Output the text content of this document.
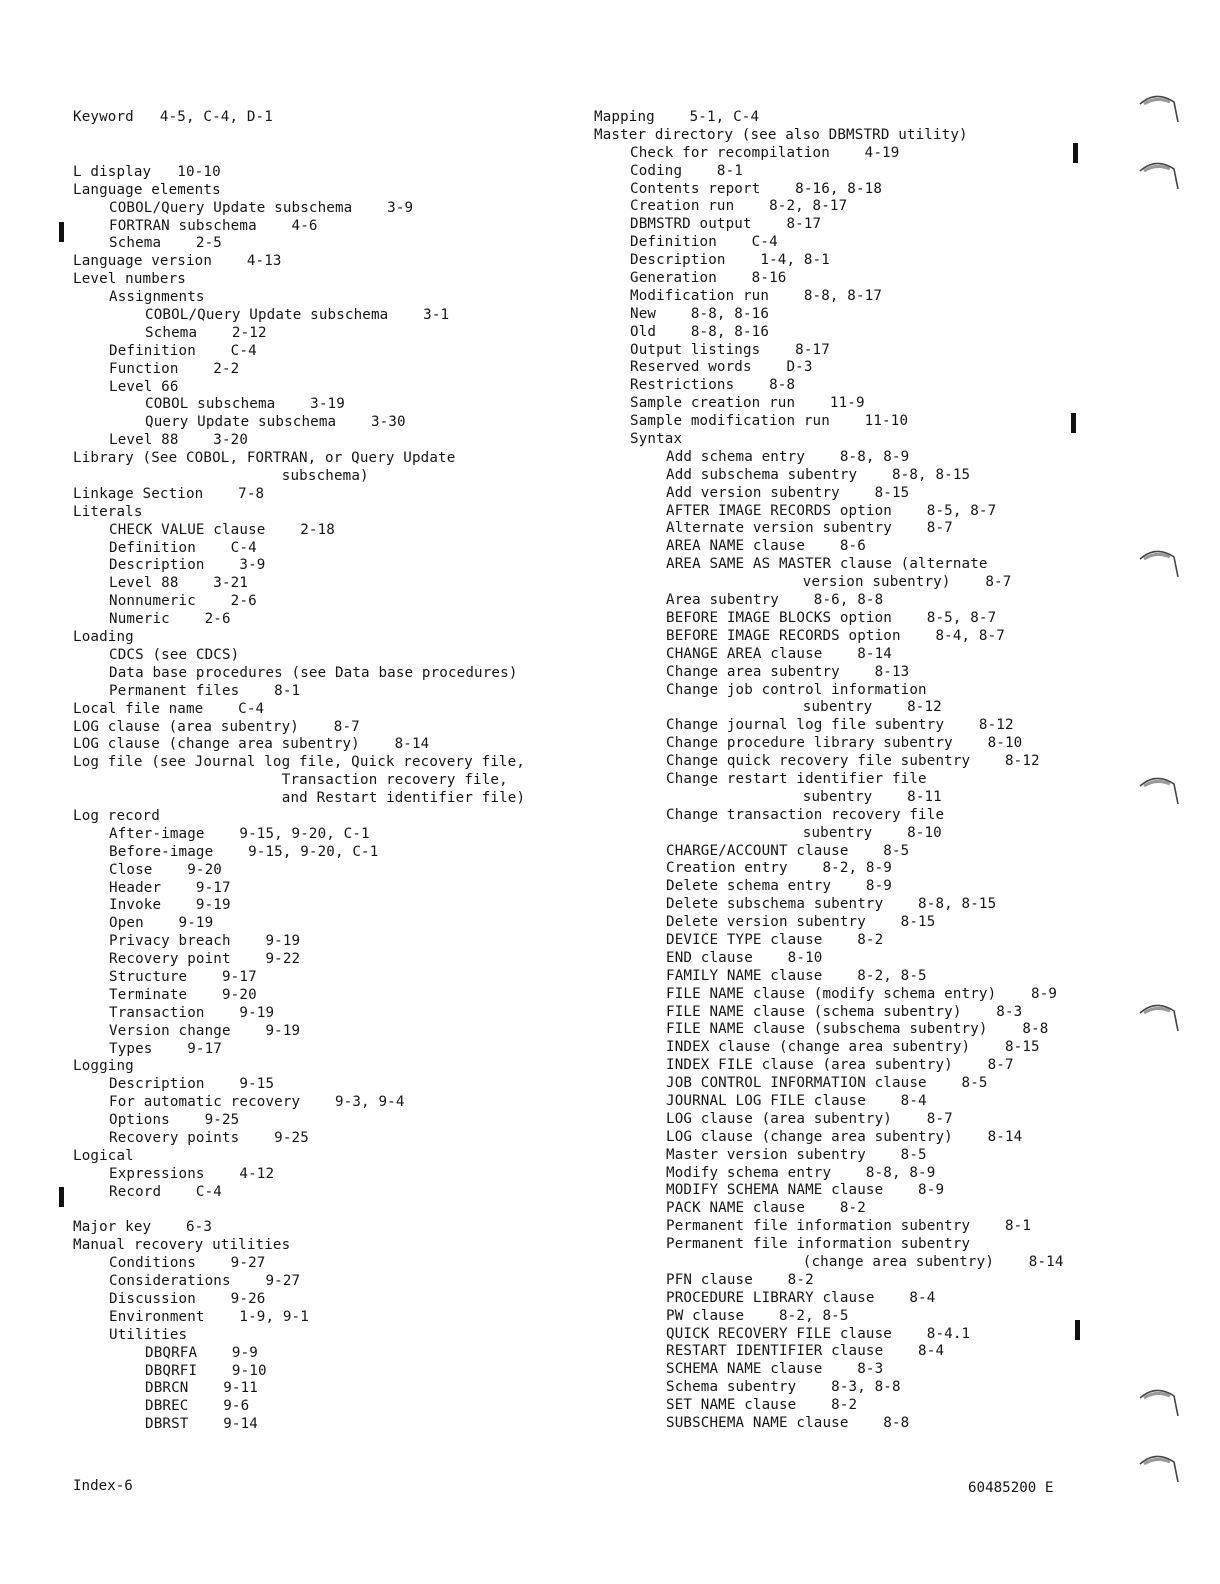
Keyword   4-5, C-4, D-1
L display   10-10
Language elements
COBOL/Query Update subschema    3-9
FORTRAN subschema    4-6
Schema    2-5
Language version    4-13
Level numbers
Assignments
COBOL/Query Update subschema    3-1
Schema    2-12
Definition    C-4
Function    2-2
Level 66
COBOL subschema    3-19
Query Update subschema    3-30
Level 88    3-20
Library (See COBOL, FORTRAN, or Query Update
subschema)
Linkage Section    7-8
Literals
CHECK VALUE clause    2-18
Definition    C-4
Description    3-9
Level 88    3-21
Nonnumeric    2-6
Numeric    2-6
Loading
CDCS (see CDCS)
Data base procedures (see Data base procedures)
Permanent files    8-1
Local file name    C-4
LOG clause (area subentry)    8-7
LOG clause (change area subentry)    8-14
Log file (see Journal log file, Quick recovery file,
Transaction recovery file,
and Restart identifier file)
Log record
After-image    9-15, 9-20, C-1
Before-image    9-15, 9-20, C-1
Close    9-20
Header    9-17
Invoke    9-19
Open    9-19
Privacy breach    9-19
Recovery point    9-22
Structure    9-17
Terminate    9-20
Transaction    9-19
Version change    9-19
Types    9-17
Logging
Description    9-15
For automatic recovery    9-3, 9-4
Options    9-25
Recovery points    9-25
Logical
Expressions    4-12
Record    C-4
Major key    6-3
Manual recovery utilities
Conditions    9-27
Considerations    9-27
Discussion    9-26
Environment    1-9, 9-1
Utilities
DBQRFA    9-9
DBQRFI    9-10
DBRCN    9-11
DBREC    9-6
DBRST    9-14
Mapping    5-1, C-4
Master directory (see also DBMSTRD utility)
Check for recompilation    4-19
Coding    8-1
Contents report    8-16, 8-18
Creation run    8-2, 8-17
DBMSTRD output    8-17
Definition    C-4
Description    1-4, 8-1
Generation    8-16
Modification run    8-8, 8-17
New    8-8, 8-16
Old    8-8, 8-16
Output listings    8-17
Reserved words    D-3
Restrictions    8-8
Sample creation run    11-9
Sample modification run    11-10
Syntax
Add schema entry    8-8, 8-9
Add subschema subentry    8-8, 8-15
Add version subentry    8-15
AFTER IMAGE RECORDS option    8-5, 8-7
Alternate version subentry    8-7
AREA NAME clause    8-6
AREA SAME AS MASTER clause (alternate
version subentry)    8-7
Area subentry    8-6, 8-8
BEFORE IMAGE BLOCKS option    8-5, 8-7
BEFORE IMAGE RECORDS option    8-4, 8-7
CHANGE AREA clause    8-14
Change area subentry    8-13
Change job control information
subentry    8-12
Change journal log file subentry    8-12
Change procedure library subentry    8-10
Change quick recovery file subentry    8-12
Change restart identifier file
subentry    8-11
Change transaction recovery file
subentry    8-10
CHARGE/ACCOUNT clause    8-5
Creation entry    8-2, 8-9
Delete schema entry    8-9
Delete subschema subentry    8-8, 8-15
Delete version subentry    8-15
DEVICE TYPE clause    8-2
END clause    8-10
FAMILY NAME clause    8-2, 8-5
FILE NAME clause (modify schema entry)    8-9
FILE NAME clause (schema subentry)    8-3
FILE NAME clause (subschema subentry)    8-8
INDEX clause (change area subentry)    8-15
INDEX FILE clause (area subentry)    8-7
JOB CONTROL INFORMATION clause    8-5
JOURNAL LOG FILE clause    8-4
LOG clause (area subentry)    8-7
LOG clause (change area subentry)    8-14
Master version subentry    8-5
Modify schema entry    8-8, 8-9
MODIFY SCHEMA NAME clause    8-9
PACK NAME clause    8-2
Permanent file information subentry    8-1
Permanent file information subentry
(change area subentry)    8-14
PFN clause    8-2
PROCEDURE LIBRARY clause    8-4
PW clause    8-2, 8-5
QUICK RECOVERY FILE clause    8-4.1
RESTART IDENTIFIER clause    8-4
SCHEMA NAME clause    8-3
Schema subentry    8-3, 8-8
SET NAME clause    8-2
SUBSCHEMA NAME clause    8-8
Index-6	60485200 E
